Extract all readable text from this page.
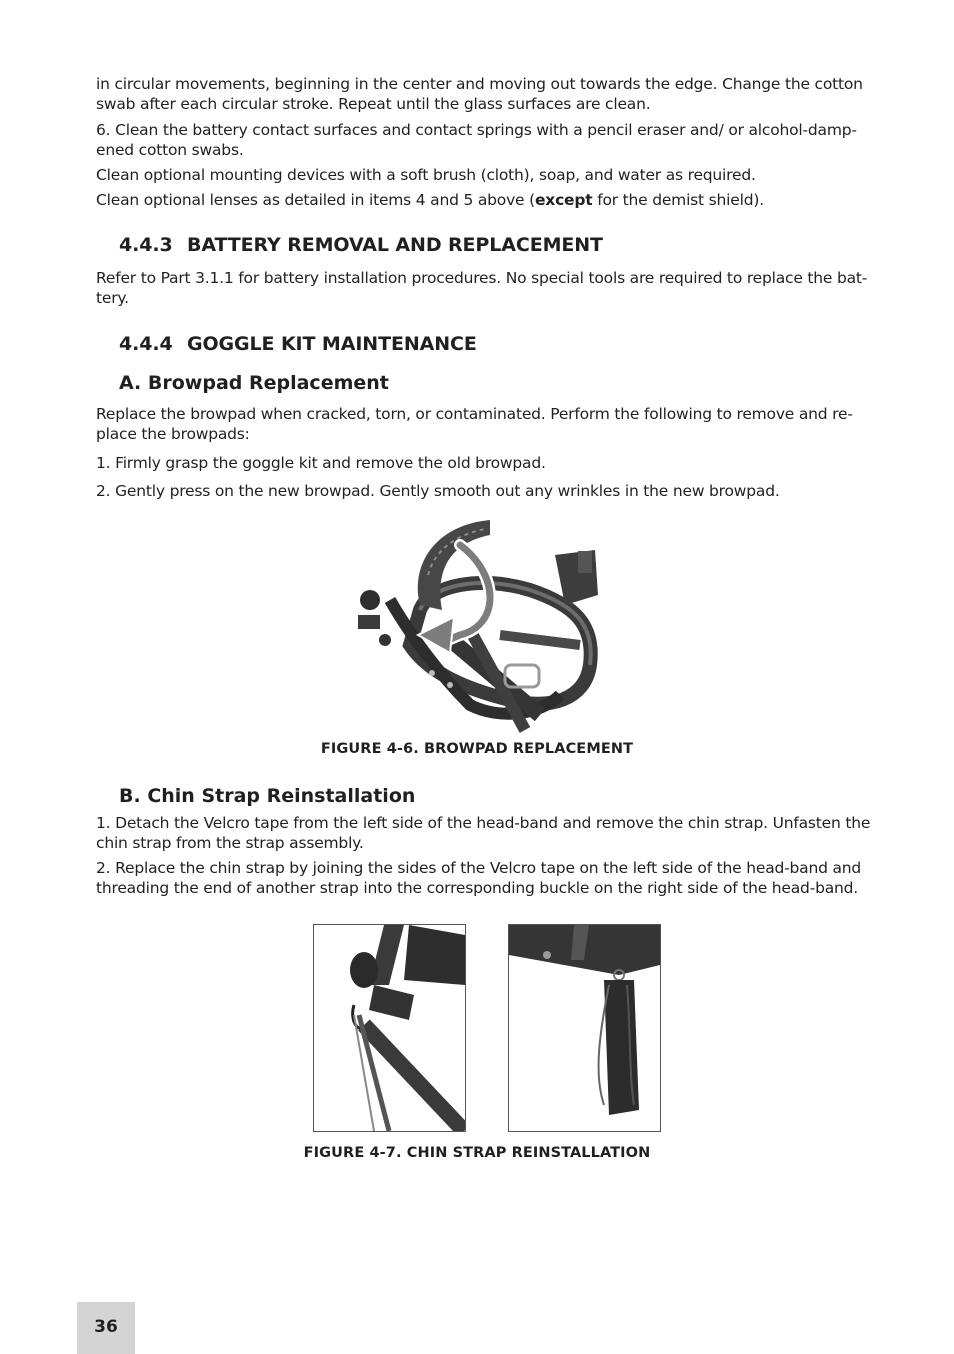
in circular movements, beginning in the center and moving out towards the edge. Change the cotton swab after each circular stroke. Repeat until the glass surfaces are clean.

6. Clean the battery contact surfaces and contact springs with a pencil eraser and/ or alcohol-damp-ened cotton swabs.

Clean optional mounting devices with a soft brush (cloth), soap, and water as required.

Clean optional lenses as detailed in items 4 and 5 above (except for the demist shield).

4.4.3 BATTERY REMOVAL AND REPLACEMENT

Refer to Part 3.1.1 for battery installation procedures. No special tools are required to replace the bat-tery.

4.4.4 GOGGLE KIT MAINTENANCE
A. Browpad Replacement

Replace the browpad when cracked, torn, or contaminated. Perform the following to remove and re-place the browpads:

1. Firmly grasp the goggle kit and remove the old browpad.

2. Gently press on the new browpad. Gently smooth out any wrinkles in the new browpad.

FIGURE 4-6. BROWPAD REPLACEMENT

B. Chin Strap Reinstallation

1. Detach the Velcro tape from the left side of the head-band and remove the chin strap. Unfasten the chin strap from the strap assembly.

2. Replace the chin strap by joining the sides of the Velcro tape on the left side of the head-band and threading the end of another strap into the corresponding buckle on the right side of the head-band.

FIGURE 4-7. CHIN STRAP REINSTALLATION

36
